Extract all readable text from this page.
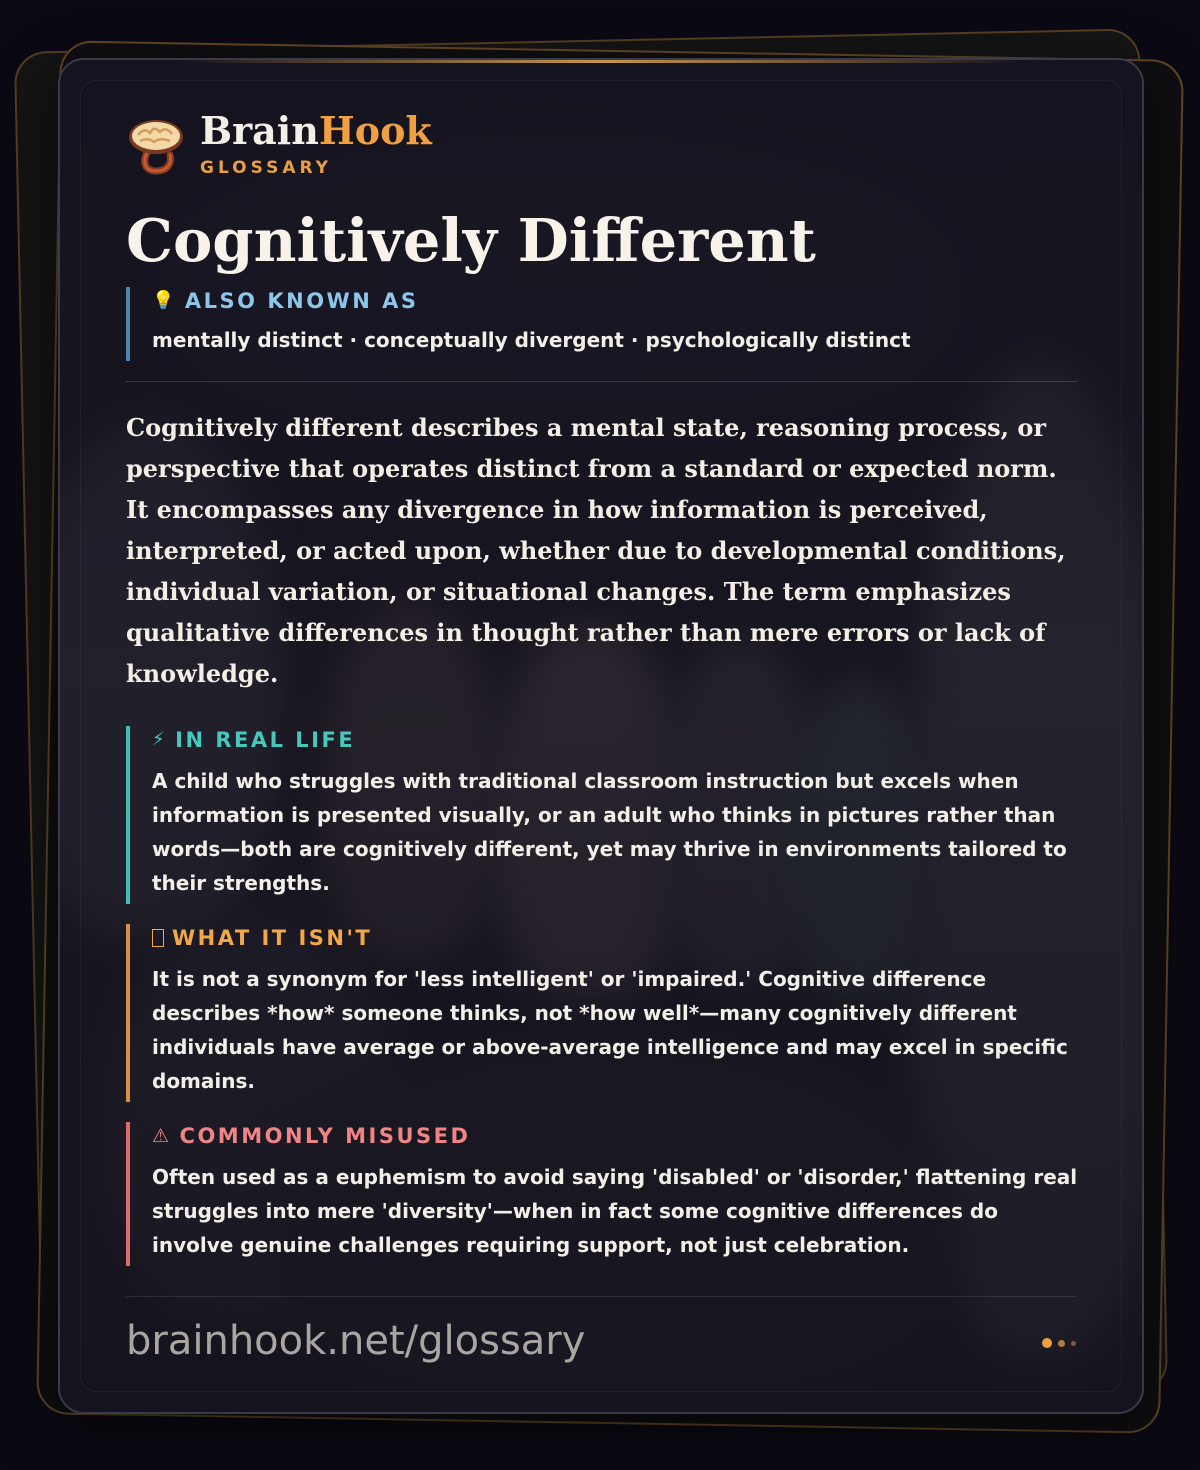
BrainHook
GLOSSARY
Cognitively Different
💡 ALSO KNOWN AS
mentally distinct · conceptually divergent · psychologically distinct
Cognitively different describes a mental state, reasoning process, or perspective that operates distinct from a standard or expected norm. It encompasses any divergence in how information is perceived, interpreted, or acted upon, whether due to developmental conditions, individual variation, or situational changes. The term emphasizes qualitative differences in thought rather than mere errors or lack of knowledge.
⚡ IN REAL LIFE
A child who struggles with traditional classroom instruction but excels when information is presented visually, or an adult who thinks in pictures rather than words—both are cognitively different, yet may thrive in environments tailored to their strengths.
WHAT IT ISN'T
It is not a synonym for 'less intelligent' or 'impaired.' Cognitive difference describes *how* someone thinks, not *how well*—many cognitively different individuals have average or above-average intelligence and may excel in specific domains.
⚠ COMMONLY MISUSED
Often used as a euphemism to avoid saying 'disabled' or 'disorder,' flattening real struggles into mere 'diversity'—when in fact some cognitive differences do involve genuine challenges requiring support, not just celebration.
brainhook.net/glossary
